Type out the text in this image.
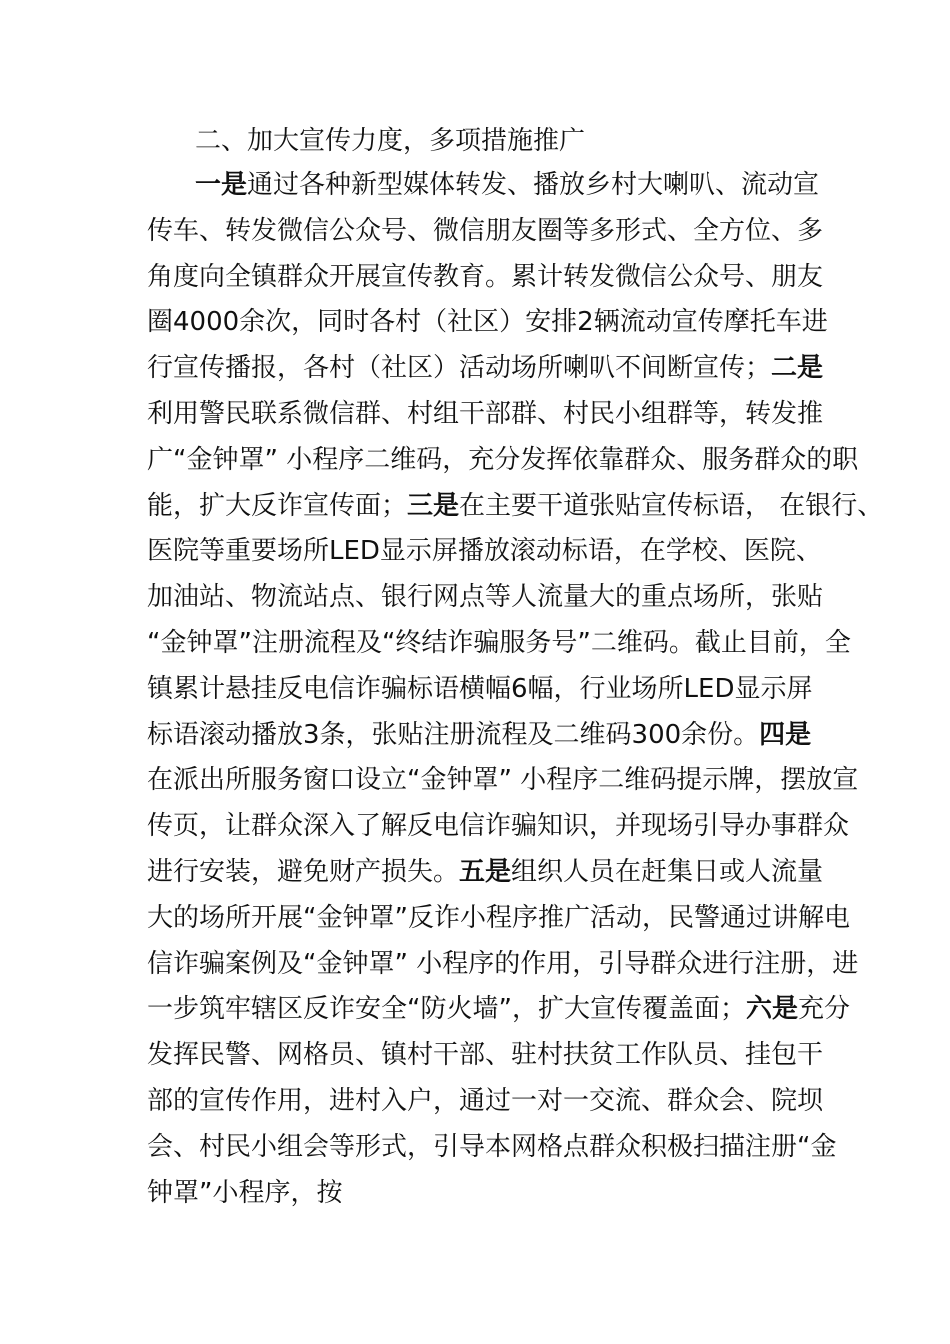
二、加大宣传力度，多项措施推广
一是通过各种新型媒体转发、播放乡村大喇叭、流动宣
传车、转发微信公众号、微信朋友圈等多形式、全方位、多
角度向全镇群众开展宣传教育。累计转发微信公众号、朋友
圈4000余次，同时各村（社区）安排2辆流动宣传摩托车进
行宣传播报，各村（社区）活动场所喇叭不间断宣传；二是
利用警民联系微信群、村组干部群、村民小组群等，转发推
广“金钟罩” 小程序二维码，充分发挥依靠群众、服务群众的职
能，扩大反诈宣传面；三是在主要干道张贴宣传标语， 在银行、
医院等重要场所LED显示屏播放滚动标语，在学校、医院、
加油站、物流站点、银行网点等人流量大的重点场所，张贴
“金钟罩”注册流程及“终结诈骗服务号”二维码。截止目前，全
镇累计悬挂反电信诈骗标语横幅6幅，行业场所LED显示屏
标语滚动播放3条，张贴注册流程及二维码300余份。四是
在派出所服务窗口设立“金钟罩” 小程序二维码提示牌，摆放宣
传页，让群众深入了解反电信诈骗知识，并现场引导办事群众
进行安装，避免财产损失。五是组织人员在赶集日或人流量
大的场所开展“金钟罩”反诈小程序推广活动，民警通过讲解电
信诈骗案例及“金钟罩” 小程序的作用，引导群众进行注册，进
一步筑牢辖区反诈安全“防火墙”，扩大宣传覆盖面；六是充分
发挥民警、网格员、镇村干部、驻村扶贫工作队员、挂包干
部的宣传作用，进村入户，通过一对一交流、群众会、院坝
会、村民小组会等形式，引导本网格点群众积极扫描注册“金
钟罩”小程序，按
